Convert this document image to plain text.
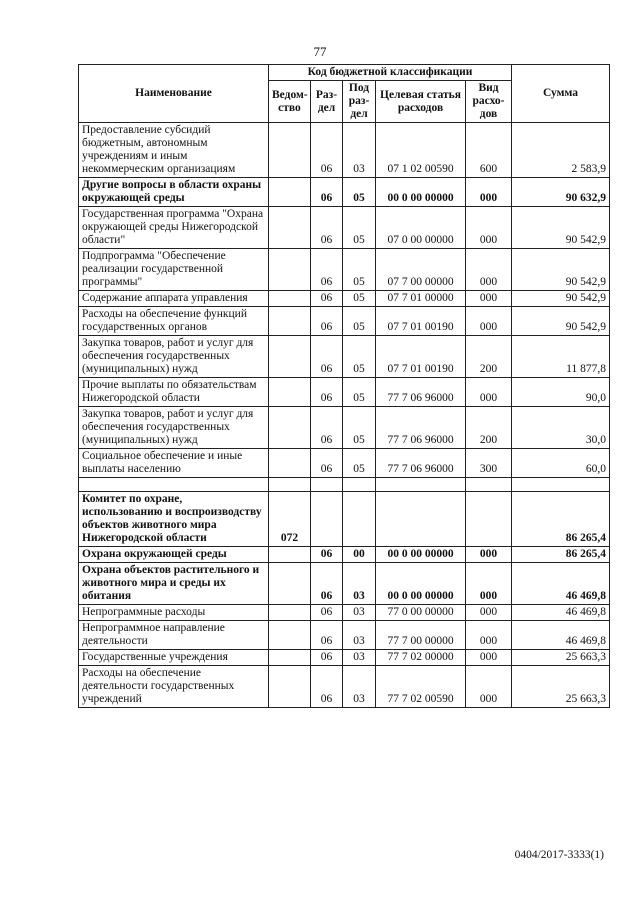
77
Наименование	Код бюджетной классификации					Сумма
	Ведом-ство	Раз-дел	Под раз-дел	Целевая статья расходов	Вид расхо-дов	
Предоставление субсидий бюджетным, автономным учреждениям и иным некоммерческим организациям		06	03	07 1 02 00590	600	2 583,9
Другие вопросы в области охраны окружающей среды		06	05	00 0 00 00000	000	90 632,9
Государственная программа "Охрана окружающей среды Нижегородской области"		06	05	07 0 00 00000	000	90 542,9
Подпрограмма "Обеспечение реализации государственной программы"		06	05	07 7 00 00000	000	90 542,9
Содержание аппарата управления		06	05	07 7 01 00000	000	90 542,9
Расходы на обеспечение функций государственных органов		06	05	07 7 01 00190	000	90 542,9
Закупка товаров, работ и услуг для обеспечения государственных (муниципальных) нужд		06	05	07 7 01 00190	200	11 877,8
Прочие выплаты по обязательствам Нижегородской области		06	05	77 7 06 96000	000	90,0
Закупка товаров, работ и услуг для обеспечения государственных (муниципальных) нужд		06	05	77 7 06 96000	200	30,0
Социальное обеспечение и иные выплаты населению		06	05	77 7 06 96000	300	60,0

Комитет по охране, использованию и воспроизводству объектов животного мира Нижегородской области	072					86 265,4
Охрана окружающей среды		06	00	00 0 00 00000	000	86 265,4
Охрана объектов растительного и животного мира и среды их обитания		06	03	00 0 00 00000	000	46 469,8
Непрограммные расходы		06	03	77 0 00 00000	000	46 469,8
Непрограммное направление деятельности		06	03	77 7 00 00000	000	46 469,8
Государственные учреждения		06	03	77 7 02 00000	000	25 663,3
Расходы на обеспечение деятельности государственных учреждений		06	03	77 7 02 00590	000	25 663,3
0404/2017-3333(1)
